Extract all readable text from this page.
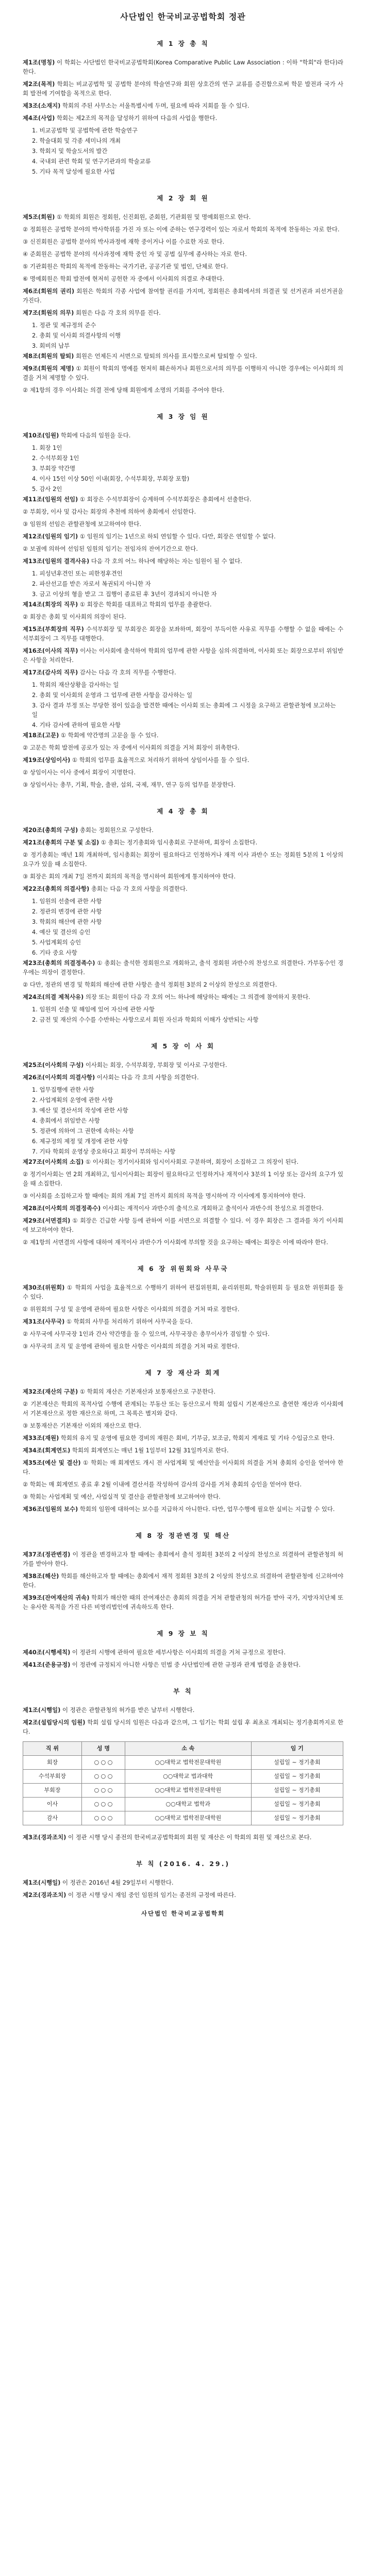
사단법인 한국비교공법학회 정관
제 1 장 총 칙

제1조(명칭) 이 학회는 사단법인 한국비교공법학회(Korea Comparative Public Law Association : 이하 "학회"라 한다)라 한다.

제2조(목적) 학회는 비교공법학 및 공법학 분야의 학술연구와 회원 상호간의 연구 교류를 증진함으로써 학문 발전과 국가 사회 발전에 기여함을 목적으로 한다.

제3조(소재지) 학회의 주된 사무소는 서울특별시에 두며, 필요에 따라 지회를 둘 수 있다.

제4조(사업) 학회는 제2조의 목적을 달성하기 위하여 다음의 사업을 행한다.

1. 비교공법학 및 공법학에 관한 학술연구
2. 학술대회 및 각종 세미나의 개최
3. 학회지 및 학술도서의 발간
4. 국내외 관련 학회 및 연구기관과의 학술교류
5. 기타 목적 달성에 필요한 사업
제 2 장 회 원

제5조(회원) ① 학회의 회원은 정회원, 신진회원, 준회원, 기관회원 및 명예회원으로 한다.

② 정회원은 공법학 분야의 박사학위를 가진 자 또는 이에 준하는 연구경력이 있는 자로서 학회의 목적에 찬동하는 자로 한다.

③ 신진회원은 공법학 분야의 박사과정에 재학 중이거나 이를 수료한 자로 한다.

④ 준회원은 공법학 분야의 석사과정에 재학 중인 자 및 공법 실무에 종사하는 자로 한다.

⑤ 기관회원은 학회의 목적에 찬동하는 국가기관, 공공기관 및 법인, 단체로 한다.

⑥ 명예회원은 학회 발전에 현저히 공헌한 자 중에서 이사회의 의결로 추대한다.

제6조(회원의 권리) 회원은 학회의 각종 사업에 참여할 권리를 가지며, 정회원은 총회에서의 의결권 및 선거권과 피선거권을 가진다.

제7조(회원의 의무) 회원은 다음 각 호의 의무를 진다.

1. 정관 및 제규정의 준수
2. 총회 및 이사회 의결사항의 이행
3. 회비의 납부

제8조(회원의 탈퇴) 회원은 언제든지 서면으로 탈퇴의 의사를 표시함으로써 탈퇴할 수 있다.

제9조(회원의 제명) ① 회원이 학회의 명예를 현저히 훼손하거나 회원으로서의 의무를 이행하지 아니한 경우에는 이사회의 의결을 거쳐 제명할 수 있다.

② 제1항의 경우 이사회는 의결 전에 당해 회원에게 소명의 기회를 주어야 한다.

제 3 장 임 원

제10조(임원) 학회에 다음의 임원을 둔다.

1. 회장 1인
2. 수석부회장 1인
3. 부회장 약간명
4. 이사 15인 이상 50인 이내(회장, 수석부회장, 부회장 포함)
5. 감사 2인

제11조(임원의 선임) ① 회장은 수석부회장이 승계하며 수석부회장은 총회에서 선출한다.

② 부회장, 이사 및 감사는 회장의 추천에 의하여 총회에서 선임한다.

③ 임원의 선임은 관할관청에 보고하여야 한다.

제12조(임원의 임기) ① 임원의 임기는 1년으로 하되 연임할 수 있다. 다만, 회장은 연임할 수 없다.

② 보궐에 의하여 선임된 임원의 임기는 전임자의 잔여기간으로 한다.

제13조(임원의 결격사유) 다음 각 호의 어느 하나에 해당하는 자는 임원이 될 수 없다.

1. 피성년후견인 또는 피한정후견인
2. 파산선고를 받은 자로서 복권되지 아니한 자
3. 금고 이상의 형을 받고 그 집행이 종료된 후 3년이 경과되지 아니한 자

제14조(회장의 직무) ① 회장은 학회를 대표하고 학회의 업무를 총괄한다.

② 회장은 총회 및 이사회의 의장이 된다.

제15조(부회장의 직무) 수석부회장 및 부회장은 회장을 보좌하며, 회장이 부득이한 사유로 직무를 수행할 수 없을 때에는 수석부회장이 그 직무를 대행한다.

제16조(이사의 직무) 이사는 이사회에 출석하여 학회의 업무에 관한 사항을 심의·의결하며, 이사회 또는 회장으로부터 위임받은 사항을 처리한다.

제17조(감사의 직무) 감사는 다음 각 호의 직무를 수행한다.

1. 학회의 재산상황을 감사하는 일
2. 총회 및 이사회의 운영과 그 업무에 관한 사항을 감사하는 일
3. 감사 결과 부정 또는 부당한 점이 있음을 발견한 때에는 이사회 또는 총회에 그 시정을 요구하고 관할관청에 보고하는 일
4. 기타 감사에 관하여 필요한 사항

제18조(고문) ① 학회에 약간명의 고문을 둘 수 있다.

② 고문은 학회 발전에 공로가 있는 자 중에서 이사회의 의결을 거쳐 회장이 위촉한다.

제19조(상임이사) ① 학회의 업무를 효율적으로 처리하기 위하여 상임이사를 둘 수 있다.

② 상임이사는 이사 중에서 회장이 지명한다.

③ 상임이사는 총무, 기획, 학술, 출판, 섭외, 국제, 재무, 연구 등의 업무를 분장한다.

제 4 장 총 회

제20조(총회의 구성) 총회는 정회원으로 구성한다.

제21조(총회의 구분 및 소집) ① 총회는 정기총회와 임시총회로 구분하며, 회장이 소집한다.

② 정기총회는 매년 1회 개최하며, 임시총회는 회장이 필요하다고 인정하거나 재적 이사 과반수 또는 정회원 5분의 1 이상의 요구가 있을 때 소집한다.

③ 회장은 회의 개최 7일 전까지 회의의 목적을 명시하여 회원에게 통지하여야 한다.

제22조(총회의 의결사항) 총회는 다음 각 호의 사항을 의결한다.

1. 임원의 선출에 관한 사항
2. 정관의 변경에 관한 사항
3. 학회의 해산에 관한 사항
4. 예산 및 결산의 승인
5. 사업계획의 승인
6. 기타 중요 사항

제23조(총회의 의결정족수) ① 총회는 출석한 정회원으로 개회하고, 출석 정회원 과반수의 찬성으로 의결한다. 가부동수인 경우에는 의장이 결정한다.

② 다만, 정관의 변경 및 학회의 해산에 관한 사항은 출석 정회원 3분의 2 이상의 찬성으로 의결한다.

제24조(의결 제척사유) 의장 또는 회원이 다음 각 호의 어느 하나에 해당하는 때에는 그 의결에 참여하지 못한다.

1. 임원의 선출 및 해임에 있어 자신에 관한 사항
2. 금전 및 재산의 수수를 수반하는 사항으로서 회원 자신과 학회의 이해가 상반되는 사항
제 5 장 이 사 회

제25조(이사회의 구성) 이사회는 회장, 수석부회장, 부회장 및 이사로 구성한다.

제26조(이사회의 의결사항) 이사회는 다음 각 호의 사항을 의결한다.

1. 업무집행에 관한 사항
2. 사업계획의 운영에 관한 사항
3. 예산 및 결산서의 작성에 관한 사항
4. 총회에서 위임받은 사항
5. 정관에 의하여 그 권한에 속하는 사항
6. 제규정의 제정 및 개정에 관한 사항
7. 기타 학회의 운영상 중요하다고 회장이 부의하는 사항

제27조(이사회의 소집) ① 이사회는 정기이사회와 임시이사회로 구분하며, 회장이 소집하고 그 의장이 된다.

② 정기이사회는 연 2회 개최하고, 임시이사회는 회장이 필요하다고 인정하거나 재적이사 3분의 1 이상 또는 감사의 요구가 있을 때 소집한다.

③ 이사회를 소집하고자 할 때에는 회의 개최 7일 전까지 회의의 목적을 명시하여 각 이사에게 통지하여야 한다.

제28조(이사회의 의결정족수) 이사회는 재적이사 과반수의 출석으로 개회하고 출석이사 과반수의 찬성으로 의결한다.

제29조(서면결의) ① 회장은 긴급한 사항 등에 관하여 이를 서면으로 의결할 수 있다. 이 경우 회장은 그 결과를 차기 이사회에 보고하여야 한다.

② 제1항의 서면결의 사항에 대하여 재적이사 과반수가 이사회에 부의할 것을 요구하는 때에는 회장은 이에 따라야 한다.

제 6 장 위원회와 사무국

제30조(위원회) ① 학회의 사업을 효율적으로 수행하기 위하여 편집위원회, 윤리위원회, 학술위원회 등 필요한 위원회를 둘 수 있다.

② 위원회의 구성 및 운영에 관하여 필요한 사항은 이사회의 의결을 거쳐 따로 정한다.

제31조(사무국) ① 학회의 사무를 처리하기 위하여 사무국을 둔다.

② 사무국에 사무국장 1인과 간사 약간명을 둘 수 있으며, 사무국장은 총무이사가 겸임할 수 있다.

③ 사무국의 조직 및 운영에 관하여 필요한 사항은 이사회의 의결을 거쳐 따로 정한다.

제 7 장 재산과 회계

제32조(재산의 구분) ① 학회의 재산은 기본재산과 보통재산으로 구분한다.

② 기본재산은 학회의 목적사업 수행에 관계되는 부동산 또는 동산으로서 학회 설립시 기본재산으로 출연한 재산과 이사회에서 기본재산으로 정한 재산으로 하며, 그 목록은 별지와 같다.

③ 보통재산은 기본재산 이외의 재산으로 한다.

제33조(재원) 학회의 유지 및 운영에 필요한 경비의 재원은 회비, 기부금, 보조금, 학회지 게재료 및 기타 수입금으로 한다.

제34조(회계연도) 학회의 회계연도는 매년 1월 1일부터 12월 31일까지로 한다.

제35조(예산 및 결산) ① 학회는 매 회계연도 개시 전 사업계획 및 예산안을 이사회의 의결을 거쳐 총회의 승인을 얻어야 한다.

② 학회는 매 회계연도 종료 후 2월 이내에 결산서를 작성하여 감사의 감사를 거쳐 총회의 승인을 얻어야 한다.

③ 학회는 사업계획 및 예산, 사업실적 및 결산을 관할관청에 보고하여야 한다.

제36조(임원의 보수) 학회의 임원에 대하여는 보수를 지급하지 아니한다. 다만, 업무수행에 필요한 실비는 지급할 수 있다.

제 8 장 정관변경 및 해산

제37조(정관변경) 이 정관을 변경하고자 할 때에는 총회에서 출석 정회원 3분의 2 이상의 찬성으로 의결하여 관할관청의 허가를 받아야 한다.

제38조(해산) 학회를 해산하고자 할 때에는 총회에서 재적 정회원 3분의 2 이상의 찬성으로 의결하여 관할관청에 신고하여야 한다.

제39조(잔여재산의 귀속) 학회가 해산한 때의 잔여재산은 총회의 의결을 거쳐 관할관청의 허가를 받아 국가, 지방자치단체 또는 유사한 목적을 가진 다른 비영리법인에 귀속하도록 한다.

제 9 장 보 칙

제40조(시행세칙) 이 정관의 시행에 관하여 필요한 세부사항은 이사회의 의결을 거쳐 규정으로 정한다.

제41조(준용규정) 이 정관에 규정되지 아니한 사항은 민법 중 사단법인에 관한 규정과 관계 법령을 준용한다.

부 칙

제1조(시행일) 이 정관은 관할관청의 허가를 받은 날부터 시행한다.

제2조(설립당시의 임원) 학회 설립 당시의 임원은 다음과 같으며, 그 임기는 학회 설립 후 최초로 개최되는 정기총회까지로 한다.

직 위	성 명	소 속	임 기
회장	○ ○ ○	○○대학교 법학전문대학원	설립일 ~ 정기총회
수석부회장	○ ○ ○	○○대학교 법과대학	설립일 ~ 정기총회
부회장	○ ○ ○	○○대학교 법학전문대학원	설립일 ~ 정기총회
이사	○ ○ ○	○○대학교 법학과	설립일 ~ 정기총회
감사	○ ○ ○	○○대학교 법학전문대학원	설립일 ~ 정기총회

제3조(경과조치) 이 정관 시행 당시 종전의 한국비교공법학회의 회원 및 재산은 이 학회의 회원 및 재산으로 본다.

부 칙 (2016. 4. 29.)

제1조(시행일) 이 정관은 2016년 4월 29일부터 시행한다.

제2조(경과조치) 이 정관 시행 당시 재임 중인 임원의 임기는 종전의 규정에 따른다.

사단법인 한국비교공법학회
